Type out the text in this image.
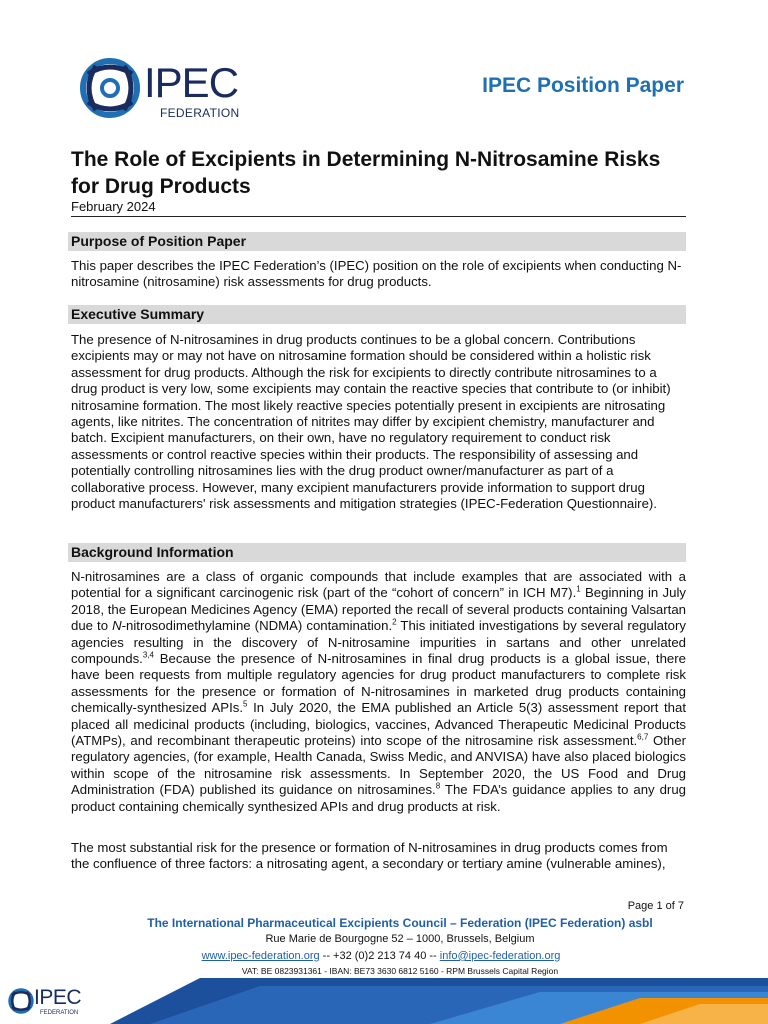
IPEC
FEDERATION
IPEC Position Paper
The Role of Excipients in Determining N-Nitrosamine Risks for Drug Products
February 2024
Purpose of Position Paper
This paper describes the IPEC Federation’s (IPEC) position on the role of excipients when conducting N-nitrosamine (nitrosamine) risk assessments for drug products.
Executive Summary
The presence of N-nitrosamines in drug products continues to be a global concern. Contributions excipients may or may not have on nitrosamine formation should be considered within a holistic risk assessment for drug products. Although the risk for excipients to directly contribute nitrosamines to a drug product is very low, some excipients may contain the reactive species that contribute to (or inhibit) nitrosamine formation. The most likely reactive species potentially present in excipients are nitrosating agents, like nitrites. The concentration of nitrites may differ by excipient chemistry, manufacturer and batch. Excipient manufacturers, on their own, have no regulatory requirement to conduct risk assessments or control reactive species within their products. The responsibility of assessing and potentially controlling nitrosamines lies with the drug product owner/manufacturer as part of a collaborative process. However, many excipient manufacturers provide information to support drug product manufacturers' risk assessments and mitigation strategies (IPEC-Federation Questionnaire).
Background Information
N-nitrosamines are a class of organic compounds that include examples that are associated with a potential for a significant carcinogenic risk (part of the “cohort of concern” in ICH M7).$^1$ Beginning in July 2018, the European Medicines Agency (EMA) reported the recall of several products containing Valsartan due to N-nitrosodimethylamine (NDMA) contamination.$^2$ This initiated investigations by several regulatory agencies resulting in the discovery of N-nitrosamine impurities in sartans and other unrelated compounds.$^{3,4}$ Because the presence of N-nitrosamines in final drug products is a global issue, there have been requests from multiple regulatory agencies for drug product manufacturers to complete risk assessments for the presence or formation of N-nitrosamines in marketed drug products containing chemically-synthesized APIs.$^5$ In July 2020, the EMA published an Article 5(3) assessment report that placed all medicinal products (including, biologics, vaccines, Advanced Therapeutic Medicinal Products (ATMPs), and recombinant therapeutic proteins) into scope of the nitrosamine risk assessment.$^{6,7}$ Other regulatory agencies, (for example, Health Canada, Swiss Medic, and ANVISA) have also placed biologics within scope of the nitrosamine risk assessments. In September 2020, the US Food and Drug Administration (FDA) published its guidance on nitrosamines.$^8$ The FDA’s guidance applies to any drug product containing chemically synthesized APIs and drug products at risk.
The most substantial risk for the presence or formation of N-nitrosamines in drug products comes from the confluence of three factors: a nitrosating agent, a secondary or tertiary amine (vulnerable amines),
Page 1 of 7
The International Pharmaceutical Excipients Council – Federation (IPEC Federation) asbl
Rue Marie de Bourgogne 52 – 1000, Brussels, Belgium
www.ipec-federation.org -- +32 (0)2 213 74 40 -- info@ipec-federation.org
VAT: BE 0823931361 - IBAN: BE73 3630 6812 5160 - RPM Brussels Capital Region
IPEC
FEDERATION
